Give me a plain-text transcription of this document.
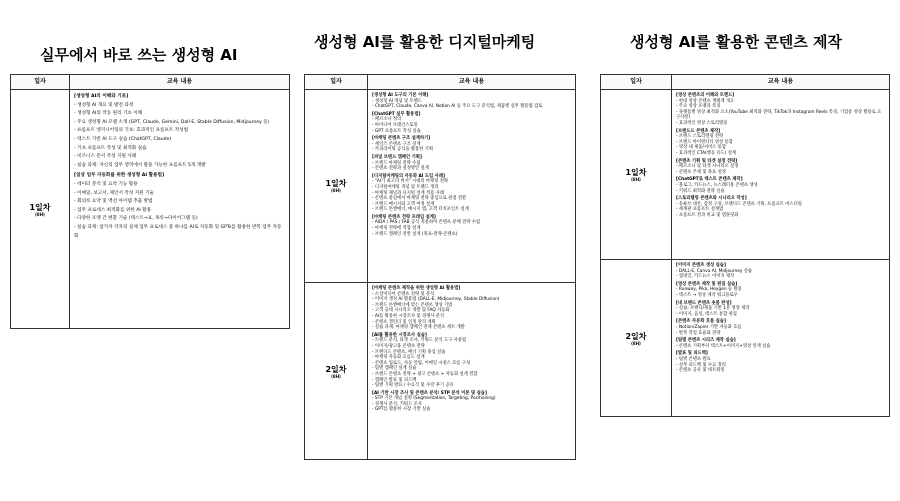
실무에서 바로 쓰는 생성형 AI
일자	교육 내용
1일차
(8H)
[생성형 AI의 이해와 기초]
- 생성형 AI 개요 및 발전 과정
- 생성형 AI의 작동 원리 기초 이해
- 주요 생성형 AI 모델 소개 (GPT, Claude, Gemini, Dall-E, Stable Diffusion, Midjourney 등)
- 프롬프트 엔지니어링의 기초: 효과적인 프롬프트 작성법
- 텍스트 기반 AI 도구 실습 (ChatGPT, Claude)
- 기초 프롬프트 작성 및 최적화 실습
- 비즈니스 문서 작성 지원 사례
- 실습 과제: 자신의 업무 영역에서 활용 가능한 프롬프트 5개 개발
[일상 업무 자동화를 위한 생성형 AI 활용법]
- 데이터 분석 및 요약 기능 활용
- 이메일, 보고서, 제안서 작성 지원 기술
- 회의록 요약 및 액션 아이템 추출 방법
- 업무 프로세스 최적화를 위한 AI 활용
- 다양한 포맷 간 변환 기술 (텍스트→표, 목록→다이어그램 등)
- 실습 과제: 참가자 각자의 실제 업무 프로세스 중 하나를 AI로 자동화 및 GPTs를 활용한 반복 업무 자동화
생성형 AI를 활용한 디지털마케팅
일자	교육 내용
1일차
(8H)
[생성형 AI 도구의 기본 이해]
- 생성형 AI 개념 및 트렌드
- ChatGPT, Claude, Canva AI, Notion AI 등 주요 도구 분석법, 제품별 실무 활용법 검토
[ChatGPT 실무 활용법]
- 페르소나 정의
- 아이디어 브레인스토밍
- GPT 프롬프트 작성 실습
[마케팅 콘텐츠 구조 설계하기]
- 세일즈 콘텐츠 구조 설계
- 카피라이팅 공식을 활용한 기획
[퍼널 브랜드 캠페인 기획]
- 브랜드 마케팅 전략 수립
- 콘텐츠 전략과 설정방안 설계
[디지털마케팅의 자동화 AI 도입 사례]
- "AI가 최고의 비서" 시대의 마케팅 전략
- 디지털마케팅 개념 및 트렌드 정리
- 마케팅 채널과 디지털 설계 적용 사례
- 콘텐츠 중심에서 마케팅 전략 중심으로 관점 전환
- 브랜드 메시지와 고객 여정 설계
- 브랜드 톤앤매너, 메시지 맵, 고객 터치포인트 설계
[마케팅 콘텐츠 전략 프레임 설계]
- AIDA / PAS / FAB 공식 적용하여 콘텐츠 분배 전략 수립
- 마케팅 전략에 적합 설계
- 브랜드 캠페인 전반 설계 (목표-전략-콘텐츠)
2일차
(8H)
[마케팅 콘텐츠 제작을 위한 생성형 AI 활용법]
- 소셜미디어 콘텐츠 전략 및 분석
- 이미지 생성 AI 활용법 (DALL-E, Midjourney, Stable Diffusion)
- 브랜드 톤앤매너에 맞는 콘텐츠 생성 기법
- 고객 응대 시나리오 개발 및 FAQ 자동화
- AI를 활용한 시장조사 및 경쟁사 분석
- 콘텐츠 캘린더 및 일정 관리 계획
- 실습 과제: 마케팅 캠페인 전체 콘텐츠 세트 개발
[AI를 활용한 시장조사 실습]
- 트렌드 분석, 타겟 조사, 키워드 분석 도구 사용법
- 이미지/광고용 콘텐츠 전략
- 브랜디드 콘텐츠, 배너 기획 중심 실습
- 마케팅 자동화 흐름도 설계
- 콘텐츠 업로드, 자동 알림, 이메일 시퀀스 흐름 구성
- 팀별 캠페인 설계 실습
- 브랜드 콘텐츠 전략 + 광고 콘텐츠 + 자동화 설계 결합
- 캠페인 발표 및 피드백
- 팀별 기획 발표 / 수료식 및 수강 후기 공유
[AI 기반 시장 조사 및 콘텐츠 분석/ STP 분석 이론 및 실습]
- STP 기본 개념 설명 (Segmentation, Targeting, Positioning)
- 경쟁사 분석, 키워드 조사
- GPT를 활용한 시장 기반 실습
생성형 AI를 활용한 콘텐츠 제작
일자	교육 내용
1일차
(8H)
[영상 콘텐츠의 이해와 트렌드]
- 현대 영상 콘텐츠 생태계 개요
- 주요 영상 포맷과 특징
- 플랫폼별 영상 최적화 요소(YouTube 최적화 전략, TikTok과 Instagram Reels 특징, 기업용 영상 활용로 요구사항)
- 효과적인 영상 스토리텔링
[브랜드드 콘텐츠 제작]
- 브랜드 스토리텔링 전략
- 브랜드 아이덴티티 영상 통합
- 영상 내 제품/서비스 통합
- 효과적인 CTA(행동 유도) 설계
[콘텐츠 기획 및 타겟 설정 전략]
- 페르소나 및 타겟 시나리오 설정
- 콘텐츠 주제 및 목표 설정
[ChatGPT로 텍스트 콘텐츠 제작]
- 블로그, 카드뉴스, 뉴스레터용 콘텐츠 생성
- 키워드 최적화 전략 실습
[스토리텔링 콘텐츠와 시나리오 작성]
- 유튜브 대본, 감정 구성, 브랜디드 콘텐츠 기획, 프롬프트 마스터링
- 세계관 프롬프트 설계법
- 프롬프트 결과 비교 및 템플릿화
2일차
(8H)
[이미지 콘텐츠 생성 실습]
- DALL-E, Canva AI, Midjourney 실습
- 썸네일, 카드뉴스 이미지 제작
[영상 콘텐츠 제작 및 편집 실습]
- Runway, Pika, Heygen 등 활용
- 텍스트 → 영상 제작 워크플로우
[내 브랜드 콘텐츠 숏폼 완성]
- 실습: 브랜디/제품 기반 1분 영상 제작
- 이미지, 음성, 텍스트 통합 편집
[콘텐츠 자동화 흐름 실습]
- Notion/Zapier 기반 자동화 흐름
- 반복 작업 효율화 전략
[팀별 콘텐츠 시리즈 제작 실습]
- 콘텐츠 기획부터 텍스트+이미지+영상 연계 실습
[발표 및 피드백]
- 팀별 콘텐츠 발표
- 실무 피드백 및 수료 정리
- 콘텐츠 공유 및 네트워킹
